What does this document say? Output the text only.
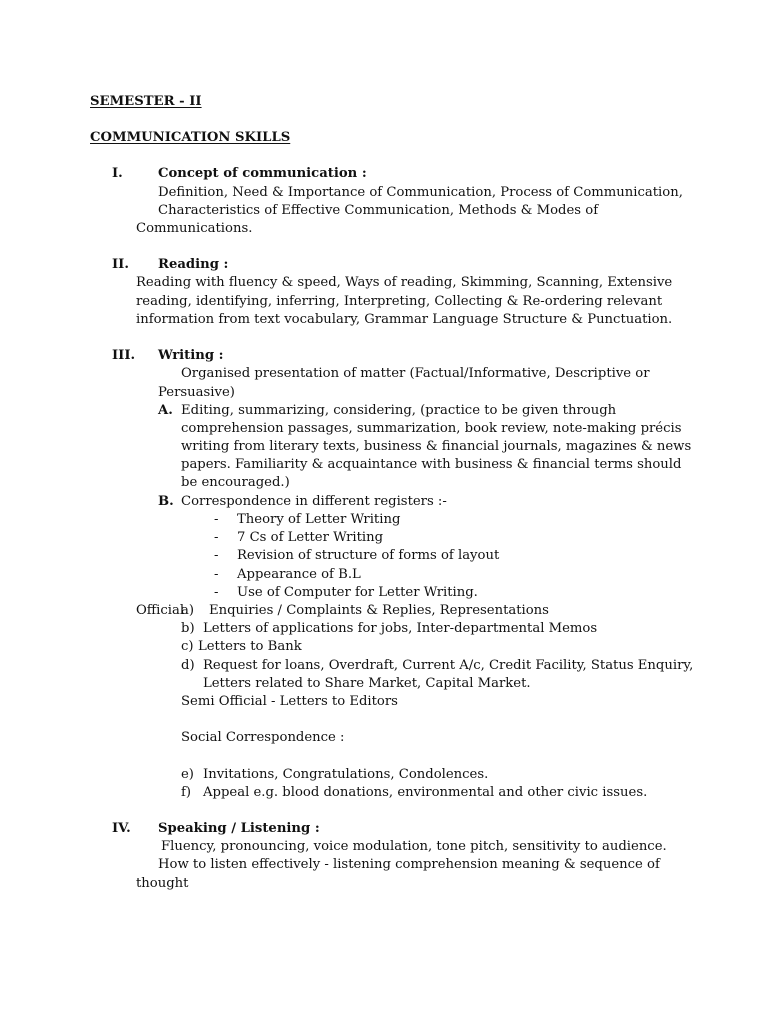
SEMESTER - II
COMMUNICATION SKILLS
I.	Concept of communication :
Definition, Need & Importance of Communication, Process of Communication,
Characteristics of Effective Communication, Methods & Modes of
Communications.
II. Reading :
Reading with fluency & speed, Ways of reading, Skimming, Scanning, Extensive
reading, identifying, inferring, Interpreting, Collecting & Re-ordering relevant
information from text vocabulary, Grammar Language Structure & Punctuation.
III. Writing :
Organised presentation of matter (Factual/Informative, Descriptive or
Persuasive)
A. Editing, summarizing, considering, (practice to be given through
comprehension passages, summarization, book review, note-making précis
writing from literary texts, business & financial journals, magazines & news
papers. Familiarity & acquaintance with business & financial terms should
be encouraged.)
B. Correspondence in different registers :-
- Theory of Letter Writing
- 7 Cs of Letter Writing
- Revision of structure of forms of layout
- Appearance of B.L
- Use of Computer for Letter Writing.
Official
a) Enquiries / Complaints & Replies, Representations
b) Letters of applications for jobs, Inter-departmental Memos
c) Letters to Bank
d) Request for loans, Overdraft, Current A/c, Credit Facility, Status Enquiry,
Letters related to Share Market, Capital Market.
Semi Official - Letters to Editors
Social Correspondence :
e) Invitations, Congratulations, Condolences.
f) Appeal e.g. blood donations, environmental and other civic issues.
IV. Speaking / Listening :
Fluency, pronouncing, voice modulation, tone pitch, sensitivity to audience.
How to listen effectively - listening comprehension meaning & sequence of
thought
